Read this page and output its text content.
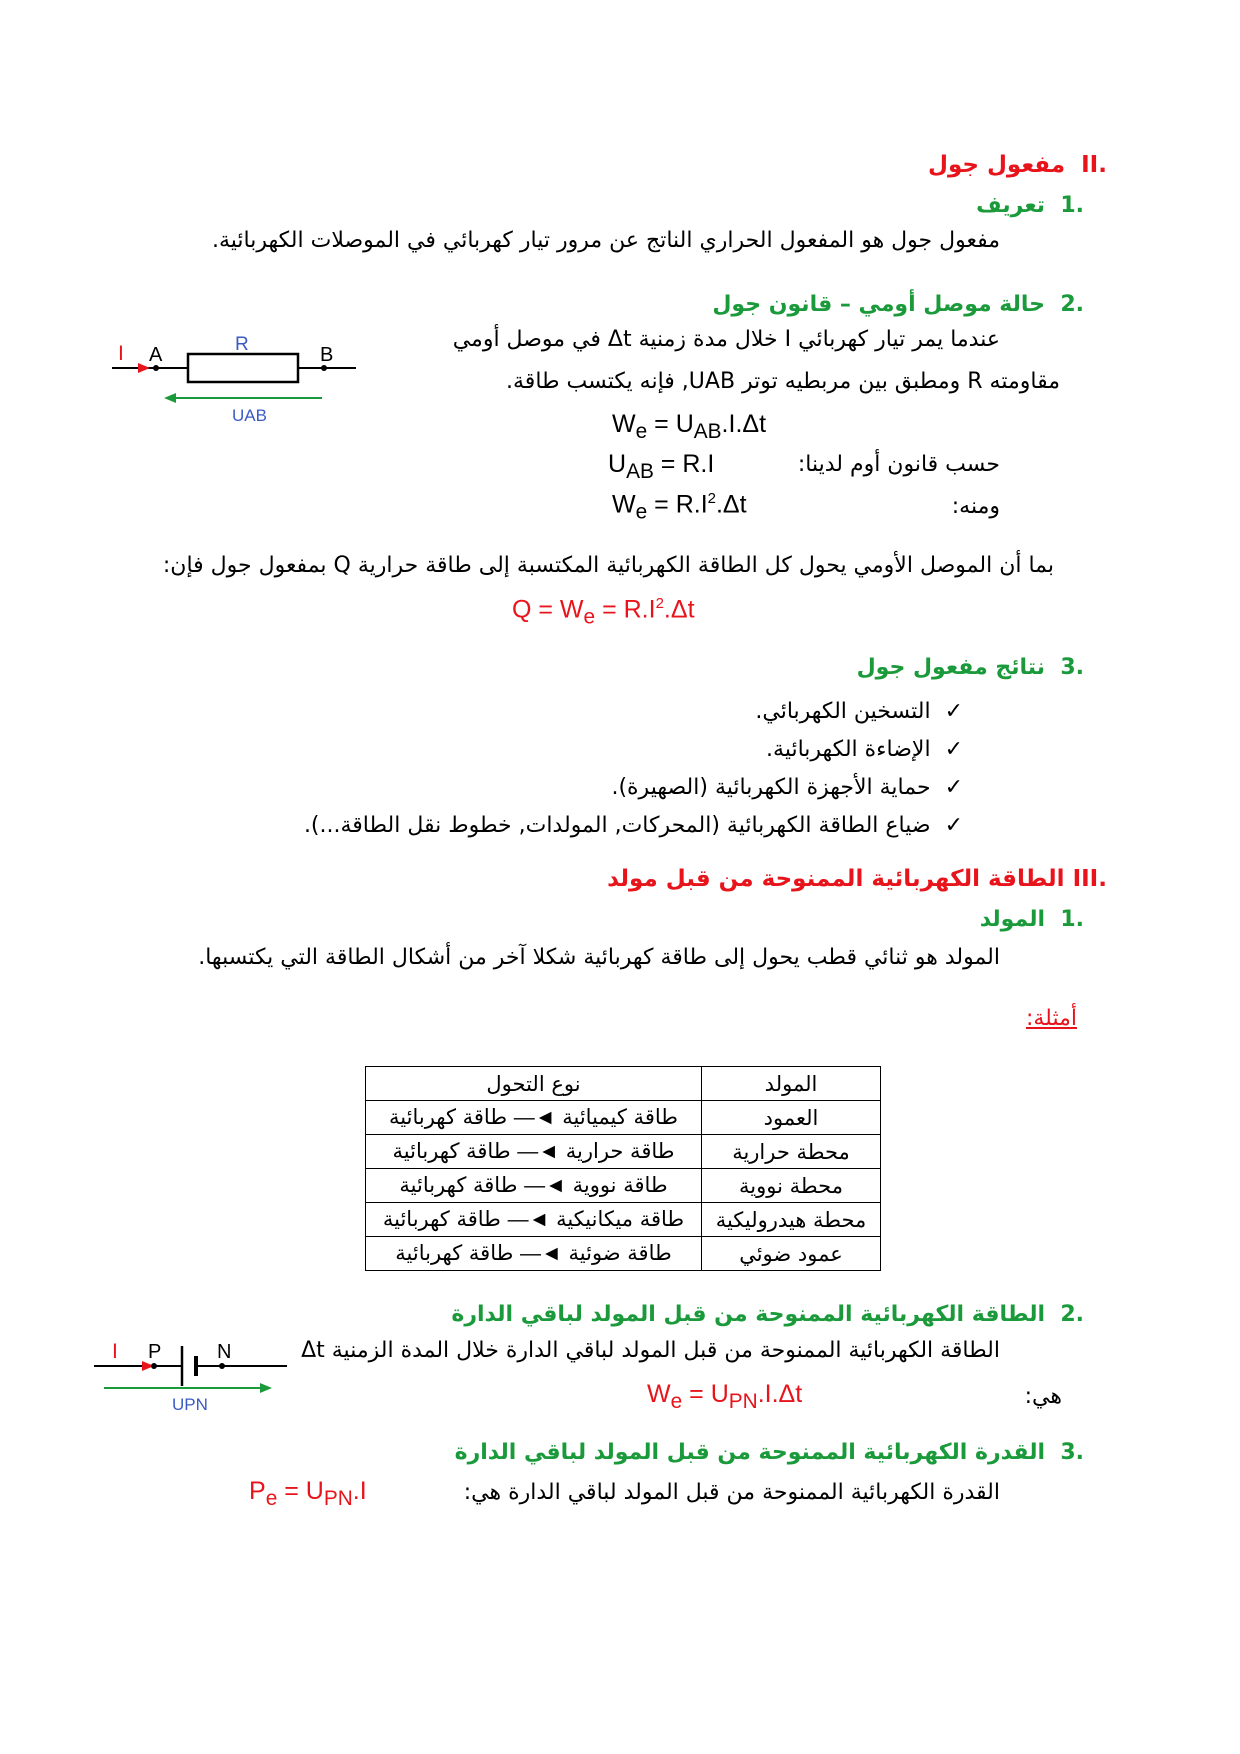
.II  مفعول جول
.1  تعريف
مفعول جول هو المفعول الحراري الناتج عن مرور تيار كهربائي في الموصلات الكهربائية.
.2  حالة موصل أومي – قانون جول
عندما يمر تيار كهربائي I خلال مدة زمنية Δt في موصل أومي
مقاومته R ومطبق بين مربطيه توتر UAB, فإنه يكتسب طاقة.
I A	R	B
UAB	$W_e = U_{AB}.I.\Delta t$
حسب قانون أوم لدينا:
$U_{AB} = R.I$
ومنه:
$W_e = R.I^2.\Delta t$
بما أن الموصل الأومي يحول كل الطاقة الكهربائية المكتسبة إلى طاقة حرارية Q بمفعول جول فإن:
$Q = W_e = R.I^2.\Delta t$
.3  نتائج مفعول جول
✓  التسخين الكهربائي.
✓  الإضاءة الكهربائية.
✓  حماية الأجهزة الكهربائية (الصهيرة).
✓  ضياع الطاقة الكهربائية (المحركات, المولدات, خطوط نقل الطاقة...).
.III الطاقة الكهربائية الممنوحة من قبل مولد
.1  المولد
المولد هو ثنائي قطب يحول إلى طاقة كهربائية شكلا آخر من أشكال الطاقة التي يكتسبها.
أمثلة:
المولد	نوع التحول
العمود	طاقة كيميائية ◄— طاقة كهربائية
محطة حرارية	طاقة حرارية ◄— طاقة كهربائية
محطة نووية	طاقة نووية ◄— طاقة كهربائية
محطة هيدروليكية	طاقة ميكانيكية ◄— طاقة كهربائية
عمود ضوئي	طاقة ضوئية ◄— طاقة كهربائية
.2  الطاقة الكهربائية الممنوحة من قبل المولد لباقي الدارة
I P	N
UPN
الطاقة الكهربائية الممنوحة من قبل المولد لباقي الدارة خلال المدة الزمنية Δt
هي:
$W_e = U_{PN}.I.\Delta t$
.3  القدرة الكهربائية الممنوحة من قبل المولد لباقي الدارة
القدرة الكهربائية الممنوحة من قبل المولد لباقي الدارة هي:
$P_e = U_{PN}.I$
